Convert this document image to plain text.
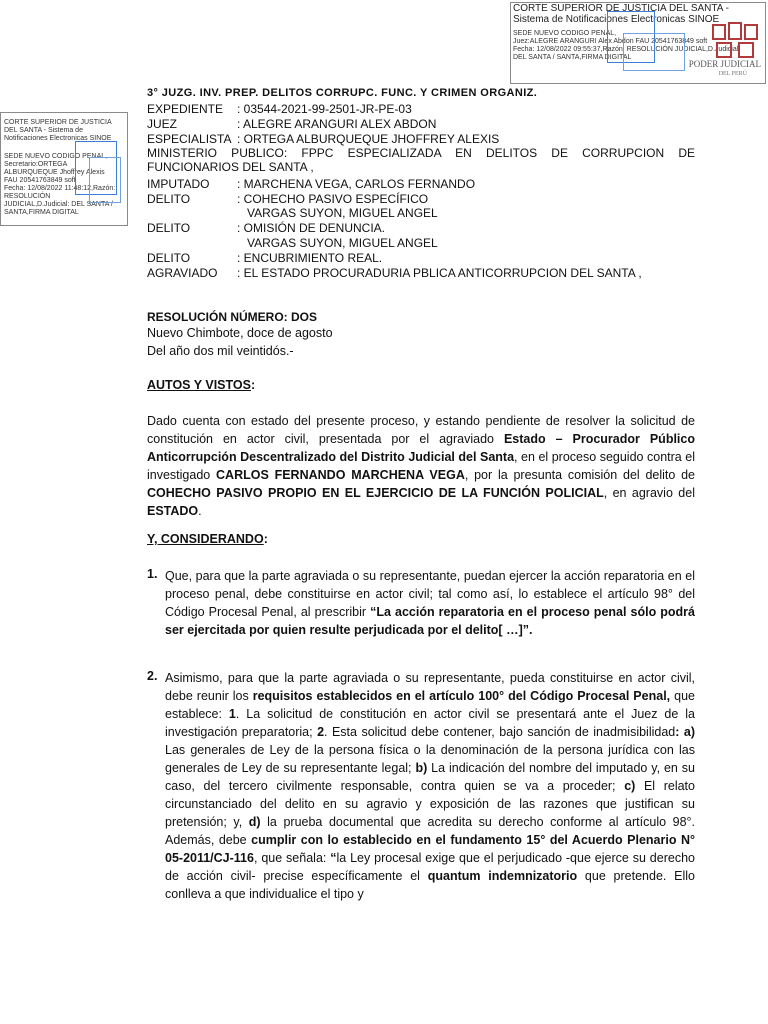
CORTE SUPERIOR DE JUSTICIA DEL SANTA -
Sistema de Notificaciones Electronicas SINOE
SEDE NUEVO CODIGO PENAL,
Juez:ALEGRE ARANGURI Alex Abdon FAU 20541763849 soft
Fecha: 12/08/2022 09:55:37,Razón: RESOLUCIÓN JUDICIAL,D.Judicial:
DEL SANTA / SANTA,FIRMA DIGITAL
PODER JUDICIAL
DEL PERÚ
CORTE SUPERIOR DE JUSTICIA
DEL SANTA - Sistema de
Notificaciones Electronicas SINOE
SEDE NUEVO CODIGO PENAL,
Secretario:ORTEGA
ALBURQUEQUE Jhoffrey Alexis
FAU 20541763849 soft
Fecha: 12/08/2022 11:48:12,Razón:
RESOLUCIÓN
JUDICIAL,D.Judicial: DEL SANTA /
SANTA,FIRMA DIGITAL
3° JUZG. INV. PREP. DELITOS CORRUPC. FUNC. Y CRIMEN ORGANIZ.
EXPEDIENTE : 03544-2021-99-2501-JR-PE-03
JUEZ	: ALEGRE ARANGURI ALEX ABDON
ESPECIALISTA : ORTEGA ALBURQUEQUE JHOFFREY ALEXIS
MINISTERIO PUBLICO: FPPC ESPECIALIZADA EN DELITOS DE CORRUPCION DE
FUNCIONARIOS DEL SANTA ,
IMPUTADO : MARCHENA VEGA, CARLOS FERNANDO
DELITO	: COHECHO PASIVO ESPECÍFICO
VARGAS SUYON, MIGUEL ANGEL
DELITO	: OMISIÓN DE DENUNCIA.
VARGAS SUYON, MIGUEL ANGEL
DELITO	: ENCUBRIMIENTO REAL.
AGRAVIADO : EL ESTADO PROCURADURIA PBLICA ANTICORRUPCION DEL SANTA ,
RESOLUCIÓN NÚMERO: DOS
Nuevo Chimbote, doce de agosto
Del año dos mil veintidós.-
AUTOS Y VISTOS:
Dado cuenta con estado del presente proceso, y estando pendiente de resolver la solicitud de constitución en actor civil, presentada por el agraviado Estado – Procurador Público Anticorrupción Descentralizado del Distrito Judicial del Santa, en el proceso seguido contra el investigado CARLOS FERNANDO MARCHENA VEGA, por la presunta comisión del delito de COHECHO PASIVO PROPIO EN EL EJERCICIO DE LA FUNCIÓN POLICIAL, en agravio del ESTADO.
Y, CONSIDERANDO:
1. Que, para que la parte agraviada o su representante, puedan ejercer la acción reparatoria en el proceso penal, debe constituirse en actor civil; tal como así, lo establece el artículo 98° del Código Procesal Penal, al prescribir “La acción reparatoria en el proceso penal sólo podrá ser ejercitada por quien resulte perjudicada por el delito[ …]”.
2. Asimismo, para que la parte agraviada o su representante, pueda constituirse en actor civil, debe reunir los requisitos establecidos en el artículo 100° del Código Procesal Penal, que establece: 1. La solicitud de constitución en actor civil se presentará ante el Juez de la investigación preparatoria; 2. Esta solicitud debe contener, bajo sanción de inadmisibilidad: a) Las generales de Ley de la persona física o la denominación de la persona jurídica con las generales de Ley de su representante legal; b) La indicación del nombre del imputado y, en su caso, del tercero civilmente responsable, contra quien se va a proceder; c) El relato circunstanciado del delito en su agravio y exposición de las razones que justifican su pretensión; y, d) la prueba documental que acredita su derecho conforme al artículo 98°. Además, debe cumplir con lo establecido en el fundamento 15° del Acuerdo Plenario N° 05-2011/CJ-116, que señala: “la Ley procesal exige que el perjudicado -que ejerce su derecho de acción civil- precise específicamente el quantum indemnizatorio que pretende. Ello conlleva a que individualice el tipo y
